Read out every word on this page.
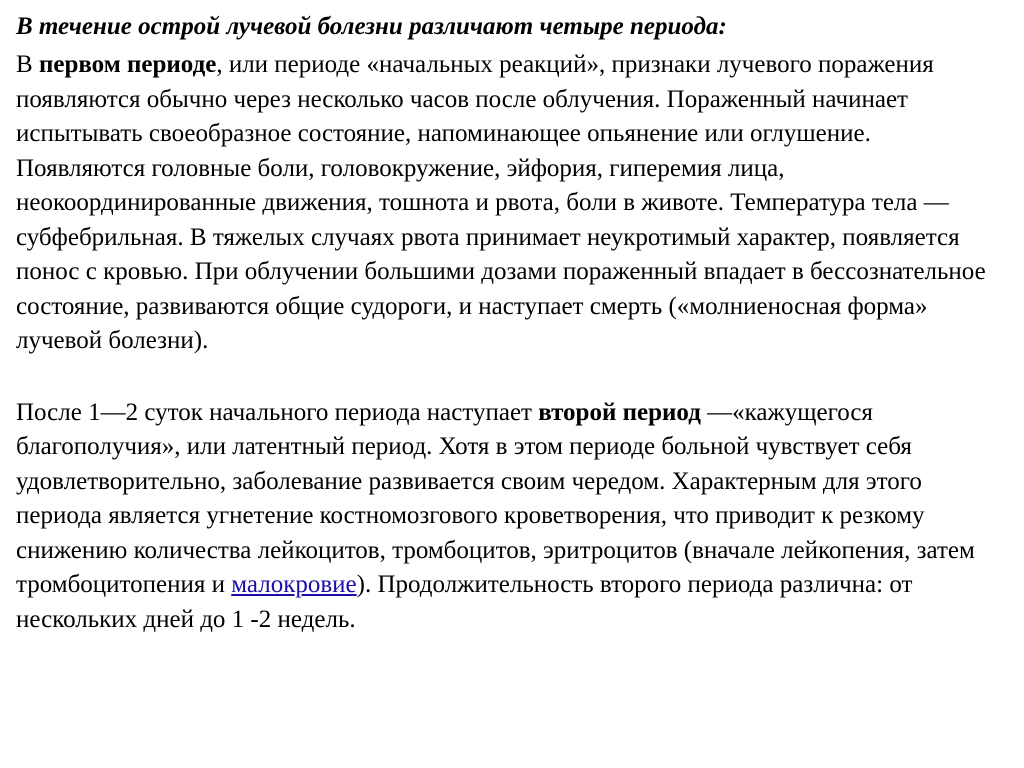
В течение острой лучевой болезни различают четыре периода:

В первом периоде, или периоде «начальных реакций», признаки лучевого поражения появляются обычно через несколько часов после облучения. Пораженный начинает испытывать своеобразное состояние, напоминающее опьянение или оглушение. Появляются головные боли, головокружение, эйфория, гиперемия лица, неокоординированные движения, тошнота и рвота, боли в животе. Температура тела — субфебрильная. В тяжелых случаях рвота принимает неукротимый характер, появляется понос с кровью. При облучении большими дозами пораженный впадает в бессознательное состояние, развиваются общие судороги, и наступает смерть («молниеносная форма» лучевой болезни).

После 1—2 суток начального периода наступает второй период —«кажущегося благополучия», или латентный период. Хотя в этом периоде больной чувствует себя удовлетворительно, заболевание развивается своим чередом. Характерным для этого периода является угнетение костномозгового кроветворения, что приводит к резкому снижению количества лейкоцитов, тромбоцитов, эритроцитов (вначале лейкопения, затем тромбоцитопения и малокровие). Продолжительность второго периода различна: от нескольких дней до 1 -2 недель.
